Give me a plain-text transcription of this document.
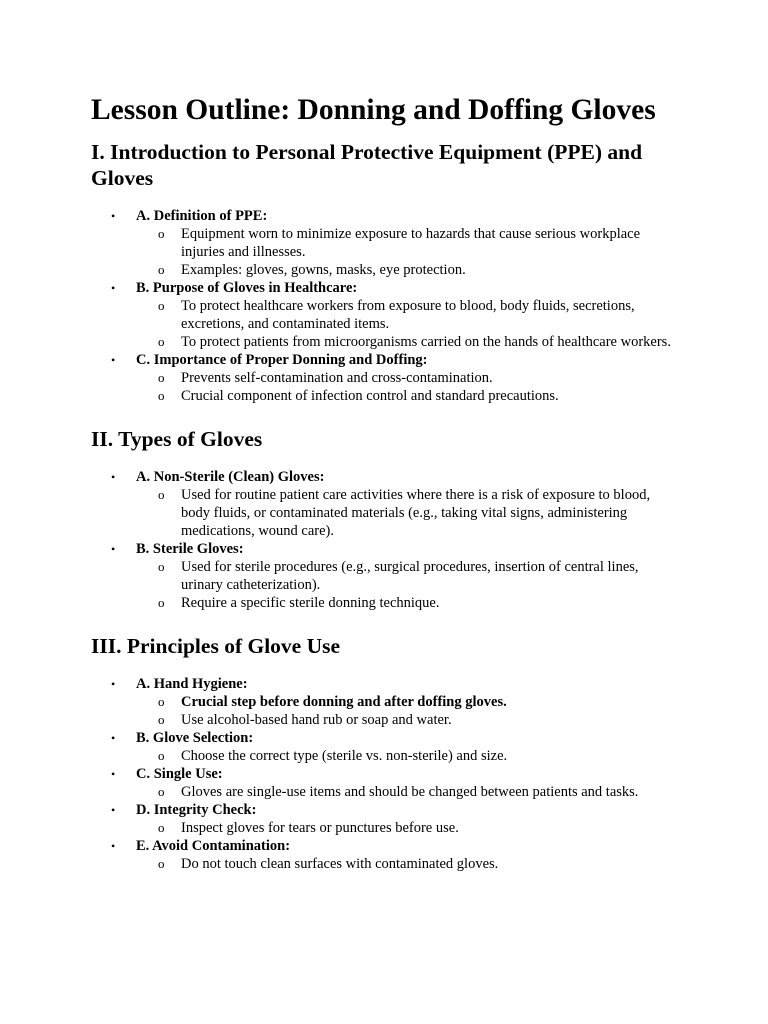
Lesson Outline: Donning and Doffing Gloves
I. Introduction to Personal Protective Equipment (PPE) and Gloves
• A. Definition of PPE:
o Equipment worn to minimize exposure to hazards that cause serious workplace injuries and illnesses.
o Examples: gloves, gowns, masks, eye protection.
• B. Purpose of Gloves in Healthcare:
o To protect healthcare workers from exposure to blood, body fluids, secretions, excretions, and contaminated items.
o To protect patients from microorganisms carried on the hands of healthcare workers.
• C. Importance of Proper Donning and Doffing:
o Prevents self-contamination and cross-contamination.
o Crucial component of infection control and standard precautions.
II. Types of Gloves
• A. Non-Sterile (Clean) Gloves:
o Used for routine patient care activities where there is a risk of exposure to blood, body fluids, or contaminated materials (e.g., taking vital signs, administering medications, wound care).
• B. Sterile Gloves:
o Used for sterile procedures (e.g., surgical procedures, insertion of central lines, urinary catheterization).
o Require a specific sterile donning technique.
III. Principles of Glove Use
• A. Hand Hygiene:
o Crucial step before donning and after doffing gloves.
o Use alcohol-based hand rub or soap and water.
• B. Glove Selection:
o Choose the correct type (sterile vs. non-sterile) and size.
• C. Single Use:
o Gloves are single-use items and should be changed between patients and tasks.
• D. Integrity Check:
o Inspect gloves for tears or punctures before use.
• E. Avoid Contamination:
o Do not touch clean surfaces with contaminated gloves.
